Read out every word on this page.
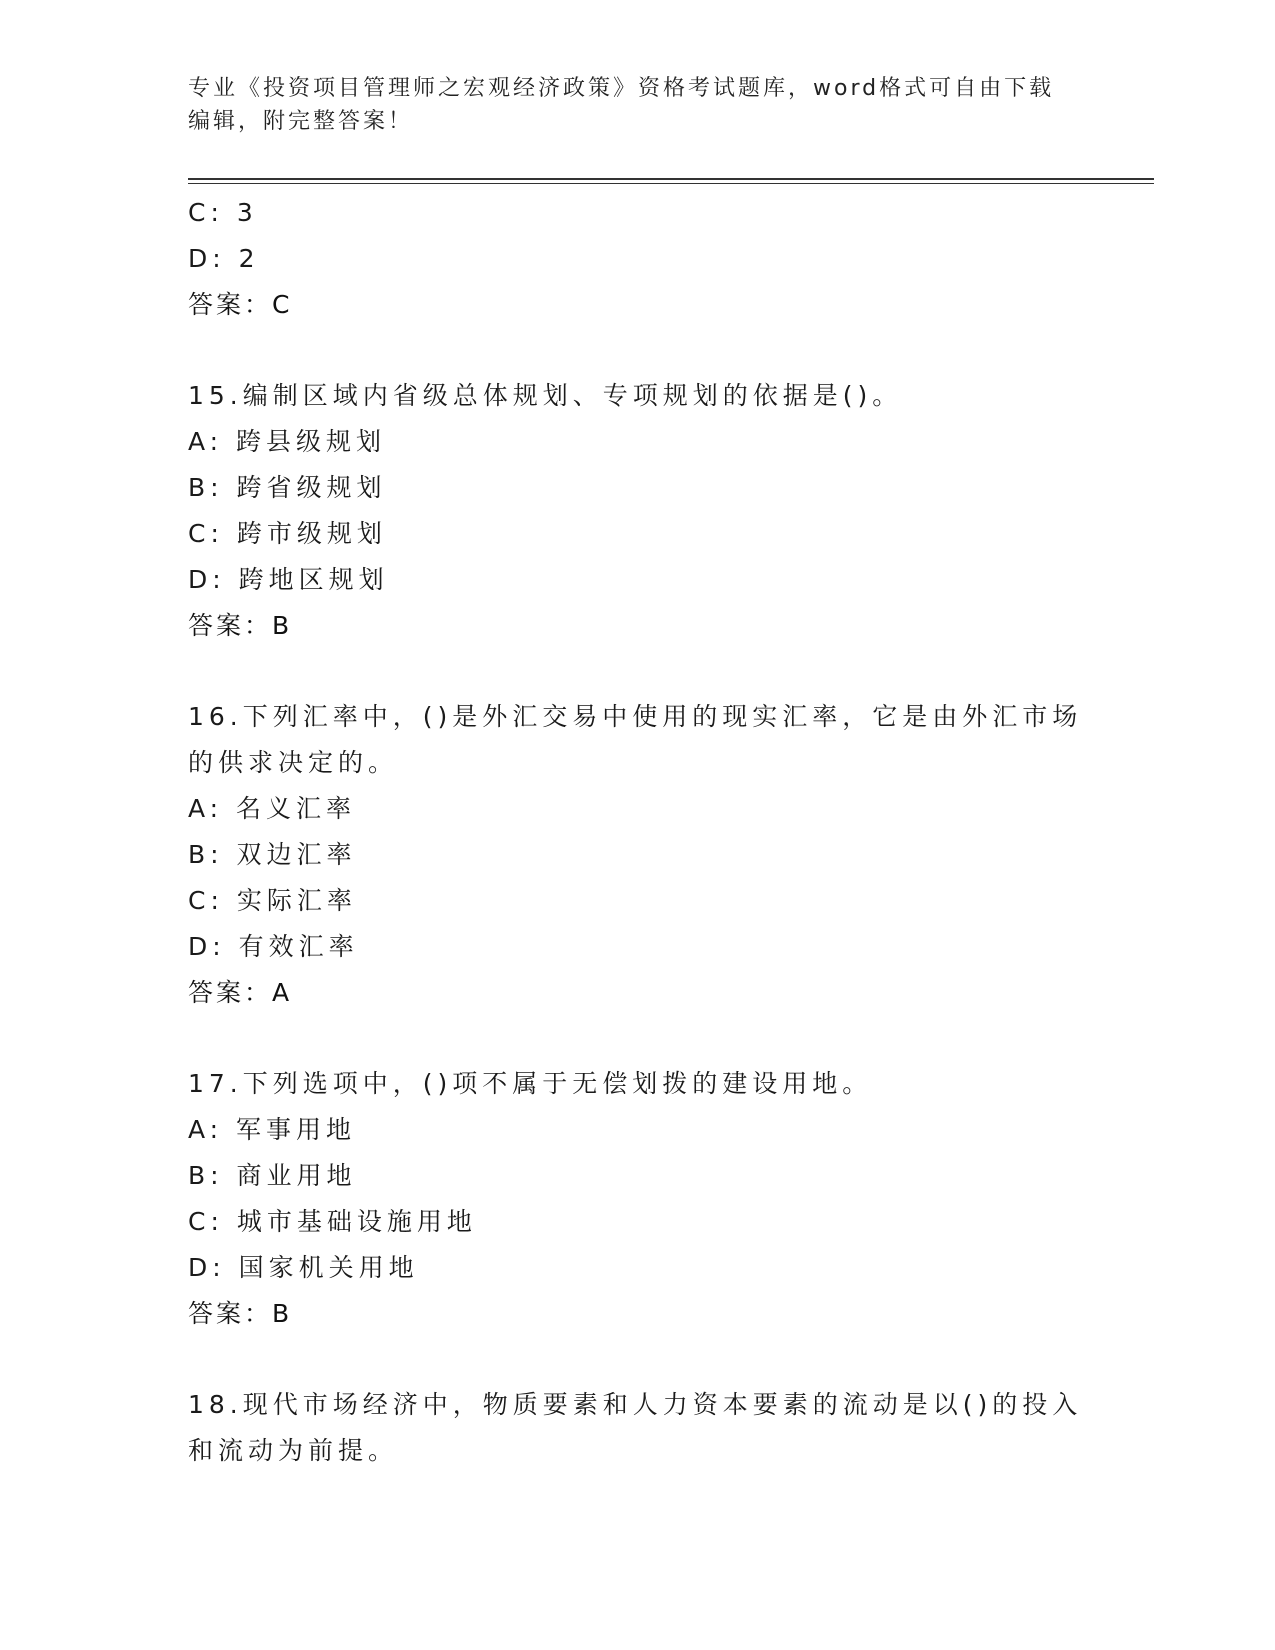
专业《投资项目管理师之宏观经济政策》资格考试题库，word格式可自由下载编辑，附完整答案！
C: 3
D: 2
答案：C
15.编制区域内省级总体规划、专项规划的依据是()。
A: 跨县级规划
B: 跨省级规划
C: 跨市级规划
D: 跨地区规划
答案：B
16.下列汇率中，()是外汇交易中使用的现实汇率，它是由外汇市场的供求决定的。
A: 名义汇率
B: 双边汇率
C: 实际汇率
D: 有效汇率
答案：A
17.下列选项中，()项不属于无偿划拨的建设用地。
A: 军事用地
B: 商业用地
C: 城市基础设施用地
D: 国家机关用地
答案：B
18.现代市场经济中，物质要素和人力资本要素的流动是以()的投入和流动为前提。
